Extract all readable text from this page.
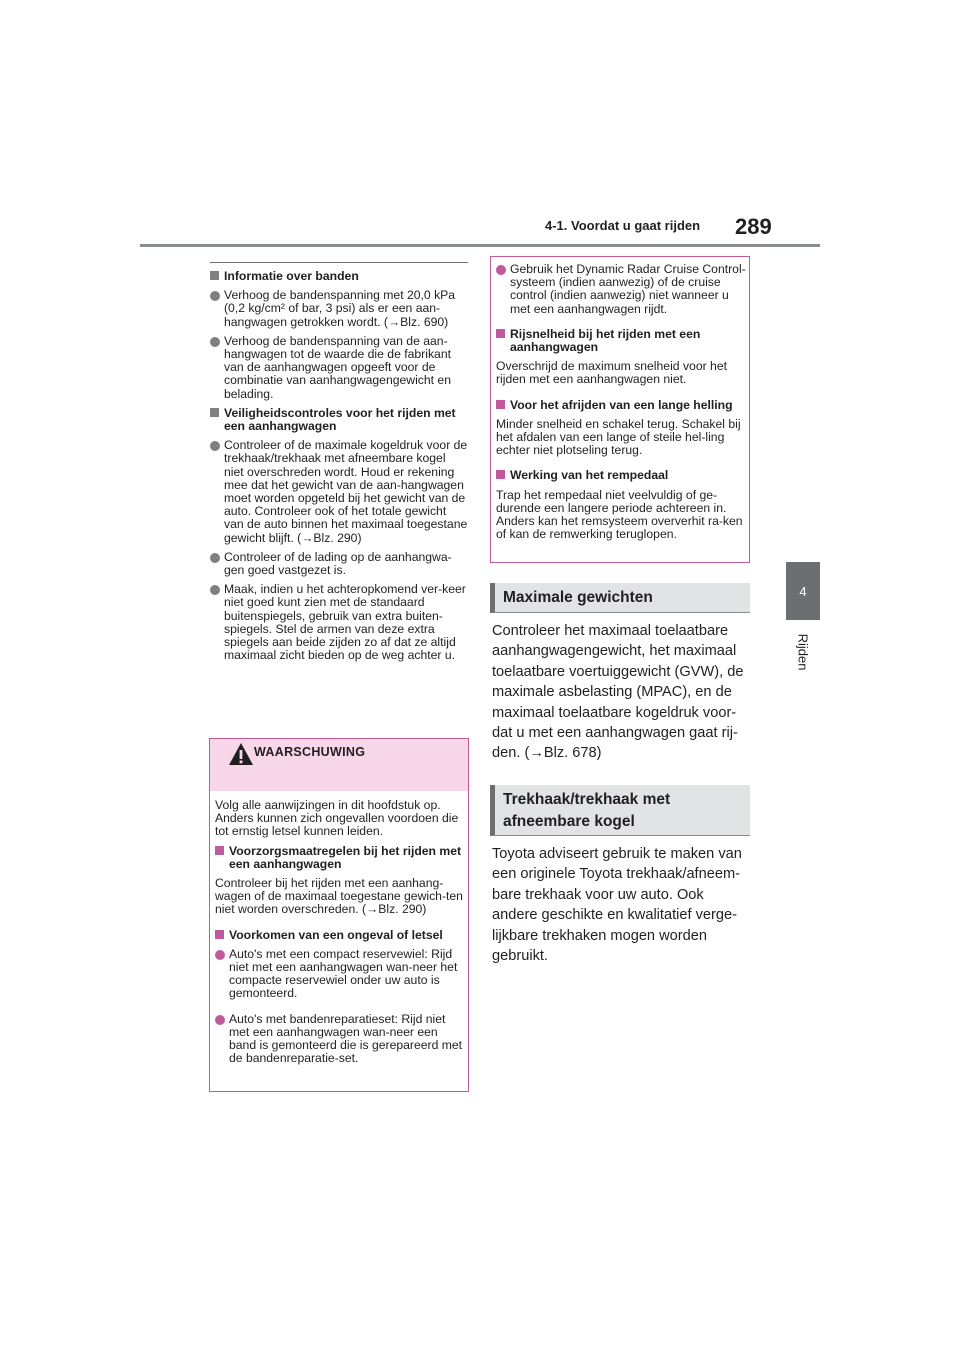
4-1. Voordat u gaat rijden 289
4
Rijden
Informatie over banden
Verhoog de bandenspanning met 20,0 kPa (0,2 kg/cm² of bar, 3 psi) als er een aan-hangwagen getrokken wordt. (→Blz. 690)
Verhoog de bandenspanning van de aan-hangwagen tot de waarde die de fabrikant van de aanhangwagen opgeeft voor de combinatie van aanhangwagengewicht en belading.
Veiligheidscontroles voor het rijden met een aanhangwagen
Controleer of de maximale kogeldruk voor de trekhaak/trekhaak met afneembare kogel niet overschreden wordt. Houd er rekening mee dat het gewicht van de aan-hangwagen moet worden opgeteld bij het gewicht van de auto. Controleer ook of het totale gewicht van de auto binnen het maximaal toegestane gewicht blijft. (→Blz. 290)
Controleer of de lading op de aanhangwa-gen goed vastgezet is.
Maak, indien u het achteropkomend ver-keer niet goed kunt zien met de standaard buitenspiegels, gebruik van extra buiten-spiegels. Stel de armen van deze extra spiegels aan beide zijden zo af dat ze altijd maximaal zicht bieden op de weg achter u.
WAARSCHUWING
Volg alle aanwijzingen in dit hoofdstuk op. Anders kunnen zich ongevallen voordoen die tot ernstig letsel kunnen leiden.
Voorzorgsmaatregelen bij het rijden met een aanhangwagen
Controleer bij het rijden met een aanhang-wagen of de maximaal toegestane gewich-ten niet worden overschreden. (→Blz. 290)
Voorkomen van een ongeval of letsel
Auto's met een compact reservewiel: Rijd niet met een aanhangwagen wan-neer het compacte reservewiel onder uw auto is gemonteerd.
Auto's met bandenreparatieset: Rijd niet met een aanhangwagen wan-neer een band is gemonteerd die is gerepareerd met de bandenreparatie-set.
Gebruik het Dynamic Radar Cruise Control-systeem (indien aanwezig) of de cruise control (indien aanwezig) niet wanneer u met een aanhangwagen rijdt.
Rijsnelheid bij het rijden met een aanhangwagen
Overschrijd de maximum snelheid voor het rijden met een aanhangwagen niet.
Voor het afrijden van een lange helling
Minder snelheid en schakel terug. Schakel bij het afdalen van een lange of steile hel-ling echter niet plotseling terug.
Werking van het rempedaal
Trap het rempedaal niet veelvuldig of ge-durende een langere periode achtereen in. Anders kan het remsysteem oververhit ra-ken of kan de remwerking teruglopen.
Maximale gewichten
Controleer het maximaal toelaatbare aanhangwagengewicht, het maximaal toelaatbare voertuiggewicht (GVW), de maximale asbelasting (MPAC), en de maximaal toelaatbare kogeldruk voor-dat u met een aanhangwagen gaat rij-den. (→Blz. 678)
Trekhaak/trekhaak met afneembare kogel
Toyota adviseert gebruik te maken van een originele Toyota trekhaak/afneem-bare trekhaak voor uw auto. Ook andere geschikte en kwalitatief verge-lijkbare trekhaken mogen worden gebruikt.
